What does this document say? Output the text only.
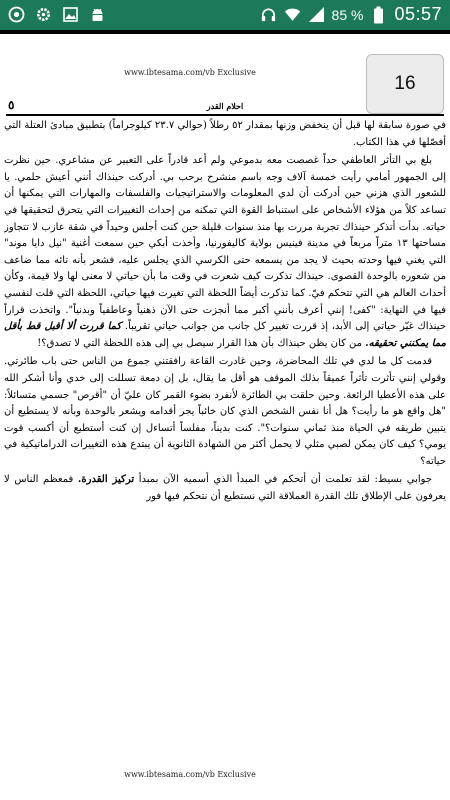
85 % 05:57
www.ibtesama.com/vb Exclusive
16
٥	احلام القدر

في صورة سابقة لها قبل أن ينخفض وزنها بمقدار ٥٢ رطلاً (حوالي ٢٣.٧ كيلوجراماً) بتطبيق مبادئ العتلة التي أفصّلها في هذا الكتاب.

بلغ بي التأثر العاطفي حداً غصصت معه بدموعي ولم أعد قادراً على التعبير عن مشاعري. حين نظرت إلى الجمهور أمامي رأيت خمسة آلاف وجه باسم منشرح برحب بي. أدركت حينذاك أنني أعيش حلمي. يا للشعور الذي هزني حين أدركت أن لدي المعلومات والاستراتيجيات والفلسفات والمهارات التي يمكنها أن تساعد كلاً من هؤلاء الأشخاص على استنباط القوة التي تمكنه من إحداث التغييرات التي يتحرق لتحقيقها في حياته. بدأت أتذكر حينذاك تجربة مررت بها منذ سنوات قليلة حين كنت أجلس وحيداً في شقة عازب لا تتجاوز مساحتها ١٣ متراً مربعاً في مدينة فينيس بولاية كاليفورنيا، وأخذت أبكي حين سمعت أغنية "نيل دايا موند" التي يغني فيها وحدته بحيث لا يجد من يسمعه حتى الكرسي الذي يجلس عليه، فشعر بأنه تائه مما ضاعف من شعوره بالوحدة القصوى. حينذاك تذكرت كيف شعرت في وقت ما بأن حياتي لا معنى لها ولا قيمة، وكأن أحداث العالم هي التي تتحكم فيّ. كما تذكرت أيضاً اللحظة التي تغيرت فيها حياتي، اللحظة التي قلت لنفسي فيها في النهاية: "كفى! إنني أعرف بأنني أكبر مما أنجزت حتى الآن ذهنياً وعاطفياً وبدنياً". واتخذت قراراً حينذاك غيّر حياتي إلى الأبد، إذ قررت تغيير كل جانب من جوانب حياتي تقريباً. كما قررت ألا أقبل قط بأقل مما يمكنني تحقيقه. من كان يظن حينذاك بأن هذا القرار سيصل بي إلى هذه اللحظة التي لا تصدق؟!

قدمت كل ما لدي في تلك المحاضرة، وحين غادرت القاعة رافقتني جموع من الناس حتى باب طائرتي. وقولي إنني تأثرت تأثراً عميقاً بذلك الموقف هو أقل ما يقال، بل إن دمعة تسللت إلى خدي وأنا أشكر الله على هذه الأعطيا الرائعة. وحين حلقت بي الطائرة لأنفرد بضوء القمر كان عليّ أن "أقرص" جسمي متسائلاً: "هل واقع هو ما رأيت؟ هل أنا نفس الشخص الذي كان خائباً يجر أقدامه ويشعر بالوحدة وبأنه لا يستطيع أن يتبين طريقه في الحياة منذ ثماني سنوات؟". كنت بديناً، مفلساً أتساءل إن كنت أستطيع أن أكسب قوت يومي؟ كيف كان يمكن لصبي مثلي لا يحمل أكثر من الشهادة الثانوية أن يبتدع هذه التغييرات الدراماتيكية في حياته؟

جوابي بسيط: لقد تعلمت أن أتحكم في المبدأ الذي أسميه الآن بمبدأ تركيز القدرة. فمعظم الناس لا يعرفون على الإطلاق تلك القدرة العملاقة التي نستطيع أن نتحكم فيها فور

www.ibtesama.com/vb Exclusive
